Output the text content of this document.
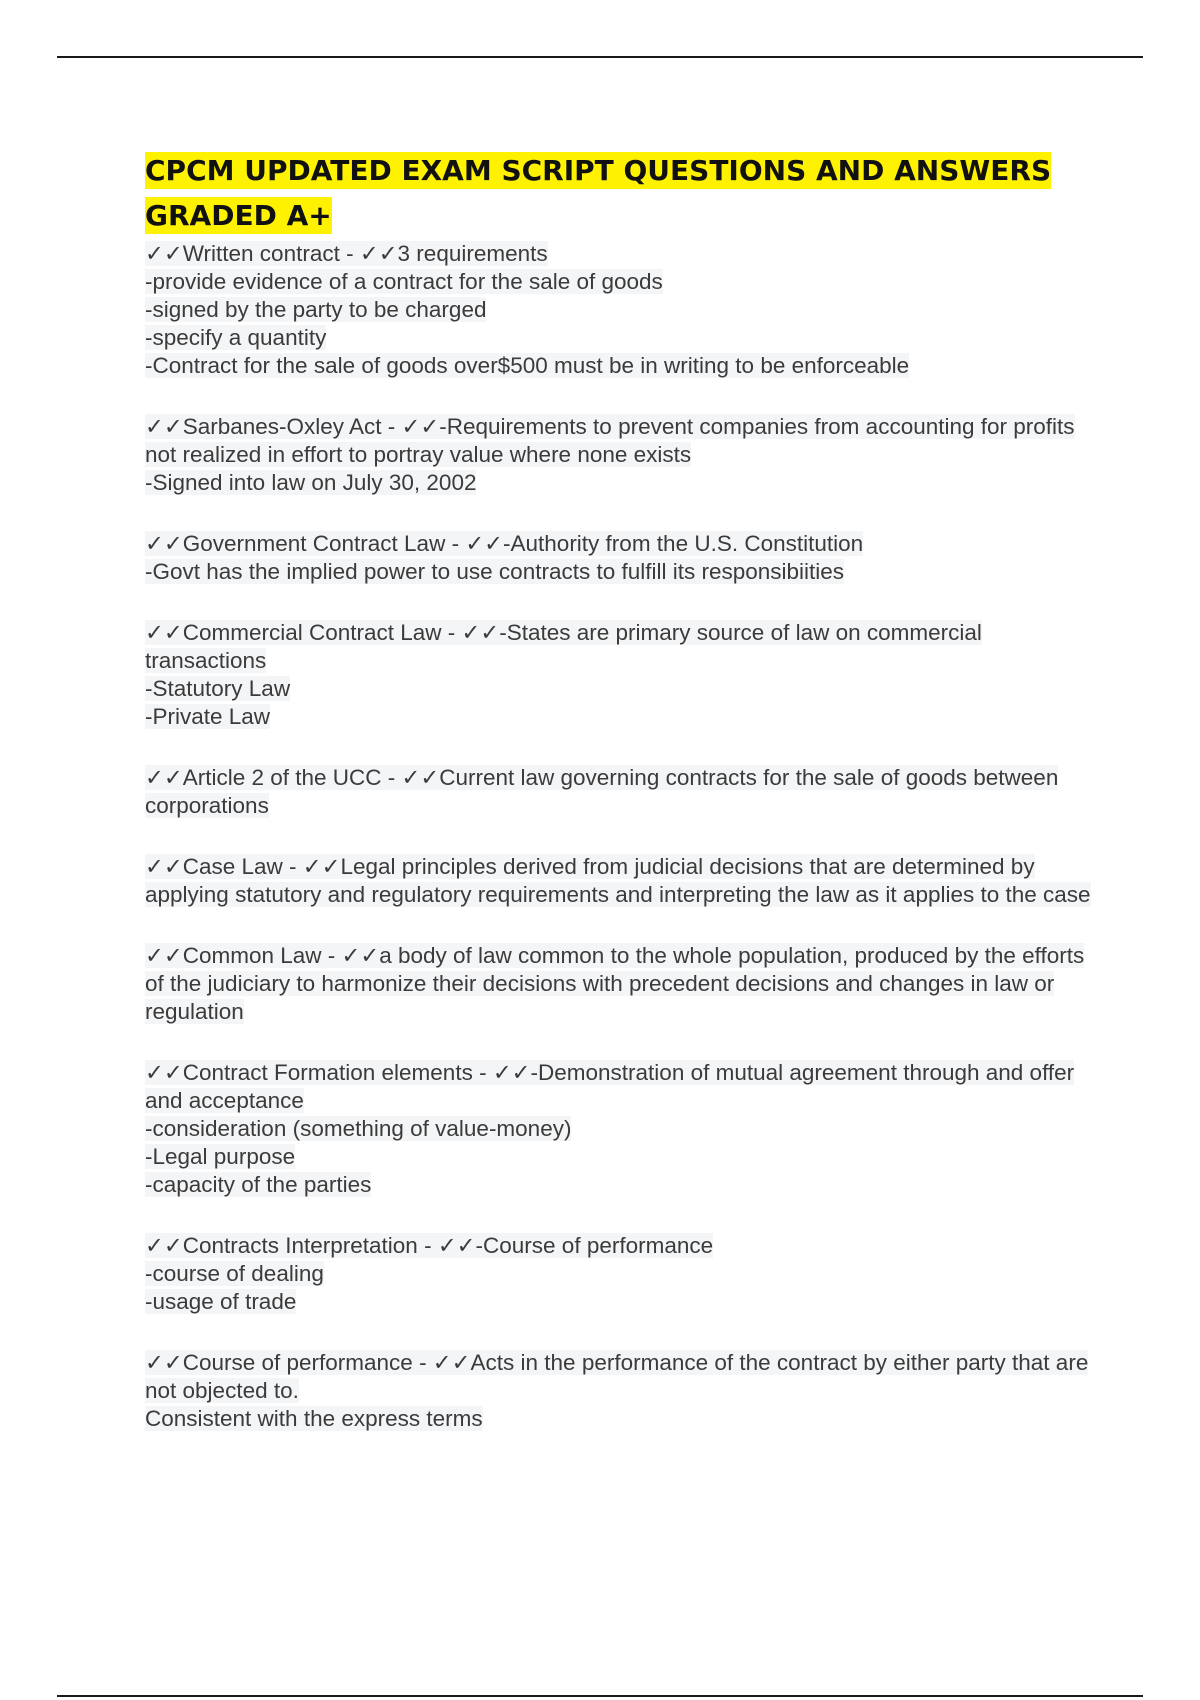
CPCM UPDATED EXAM SCRIPT QUESTIONS AND ANSWERS GRADED A+
✓✓Written contract - ✓✓3 requirements
-provide evidence of a contract for the sale of goods
-signed by the party to be charged
-specify a quantity
-Contract for the sale of goods over$500 must be in writing to be enforceable
✓✓Sarbanes-Oxley Act - ✓✓-Requirements to prevent companies from accounting for profits not realized in effort to portray value where none exists
-Signed into law on July 30, 2002
✓✓Government Contract Law - ✓✓-Authority from the U.S. Constitution
-Govt has the implied power to use contracts to fulfill its responsibiities
✓✓Commercial Contract Law - ✓✓-States are primary source of law on commercial transactions
-Statutory Law
-Private Law
✓✓Article 2 of the UCC - ✓✓Current law governing contracts for the sale of goods between corporations
✓✓Case Law - ✓✓Legal principles derived from judicial decisions that are determined by applying statutory and regulatory requirements and interpreting the law as it applies to the case
✓✓Common Law - ✓✓a body of law common to the whole population, produced by the efforts of the judiciary to harmonize their decisions with precedent decisions and changes in law or regulation
✓✓Contract Formation elements - ✓✓-Demonstration of mutual agreement through and offer and acceptance
-consideration (something of value-money)
-Legal purpose
-capacity of the parties
✓✓Contracts Interpretation - ✓✓-Course of performance
-course of dealing
-usage of trade
✓✓Course of performance - ✓✓Acts in the performance of the contract by either party that are not objected to.
Consistent with the express terms
